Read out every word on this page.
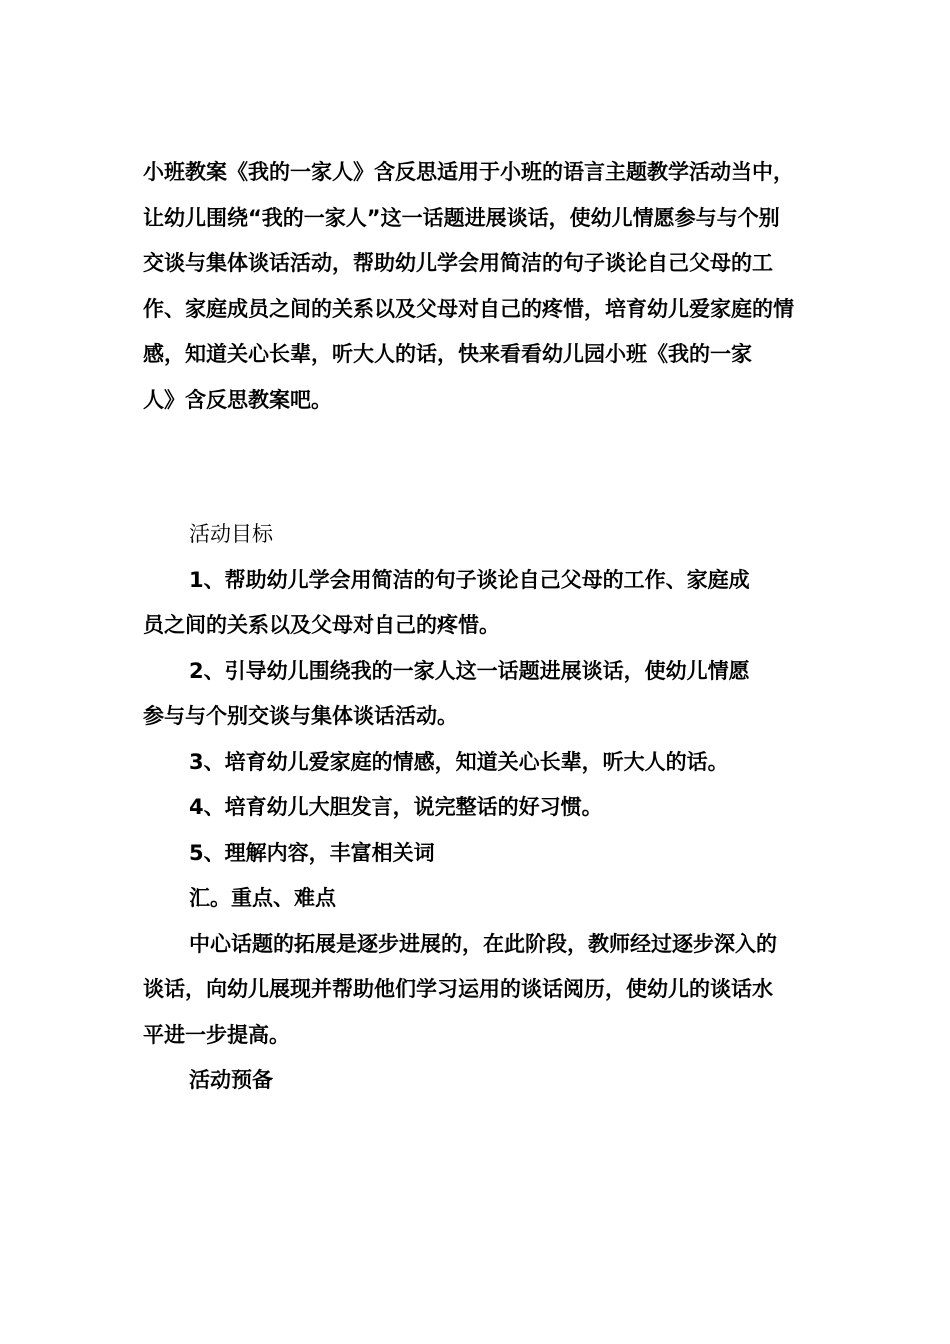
小班教案《我的一家人》含反思适用于小班的语言主题教学活动当中，
让幼儿围绕“我的一家人”这一话题进展谈话，使幼儿情愿参与与个别
交谈与集体谈话活动，帮助幼儿学会用简洁的句子谈论自己父母的工
作、家庭成员之间的关系以及父母对自己的疼惜，培育幼儿爱家庭的情
感，知道关心长辈，听大人的话，快来看看幼儿园小班《我的一家
人》含反思教案吧。
活动目标
1、帮助幼儿学会用简洁的句子谈论自己父母的工作、家庭成
员之间的关系以及父母对自己的疼惜。
2、引导幼儿围绕我的一家人这一话题进展谈话，使幼儿情愿
参与与个别交谈与集体谈话活动。
3、培育幼儿爱家庭的情感，知道关心长辈，听大人的话。
4、培育幼儿大胆发言，说完整话的好习惯。
5、理解内容，丰富相关词
汇。重点、难点
中心话题的拓展是逐步进展的，在此阶段，教师经过逐步深入的
谈话，向幼儿展现并帮助他们学习运用的谈话阅历，使幼儿的谈话水
平进一步提高。
活动预备
